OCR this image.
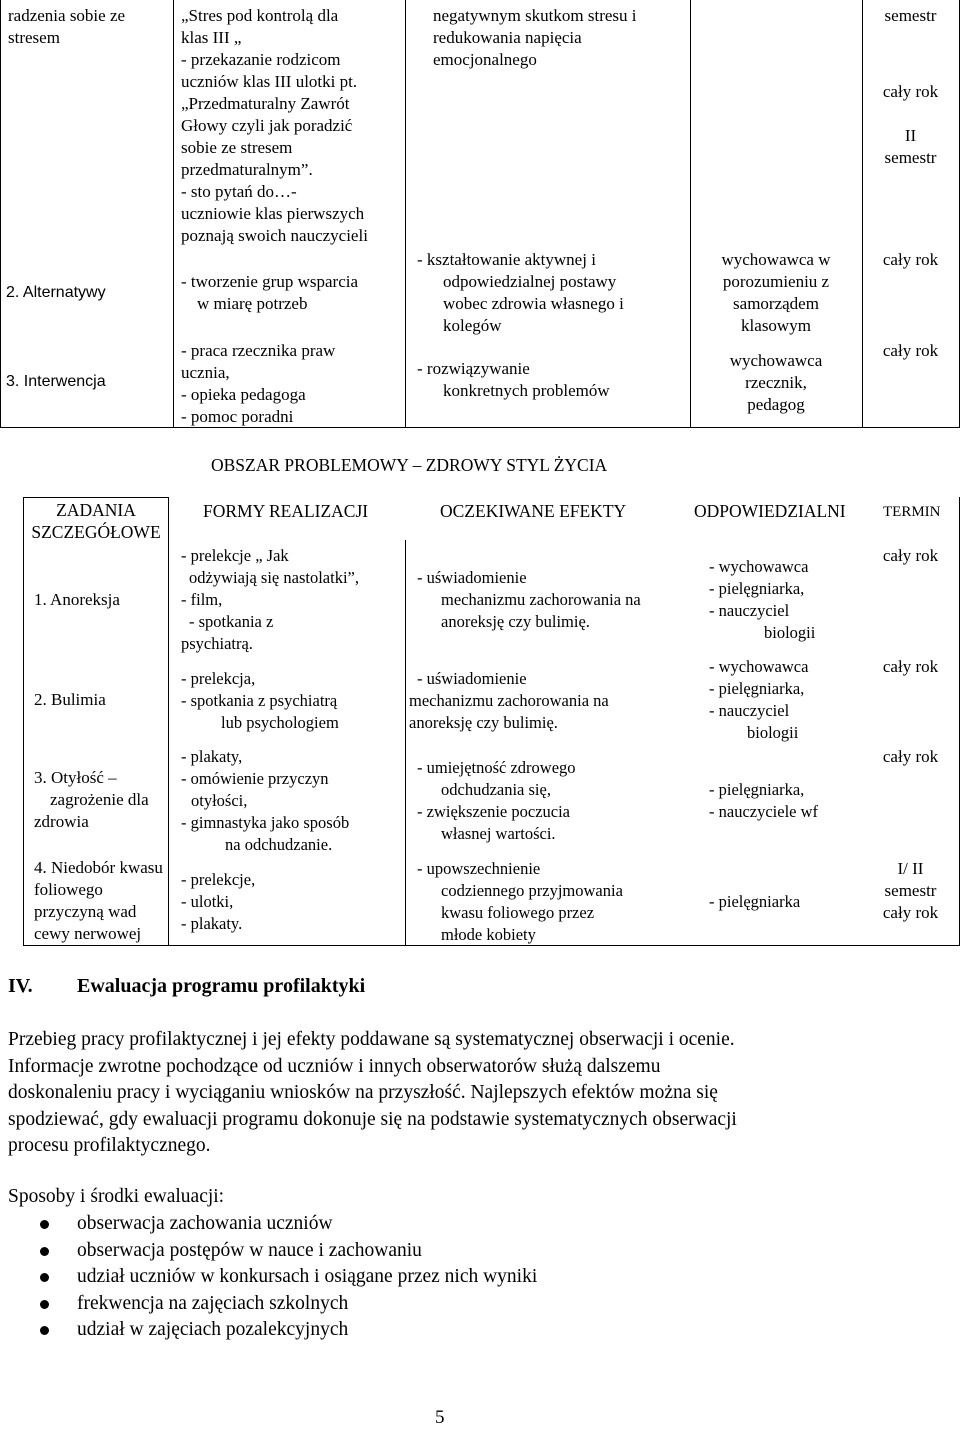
radzenia sobie ze
stresem
2. Alternatywy
3. Interwencja
„Stres pod kontrolą dla
klas III „
- przekazanie rodzicom
uczniów klas III ulotki pt.
„Przedmaturalny Zawrót
Głowy czyli jak poradzić
sobie ze stresem
przedmaturalnym”.
- sto pytań do…-
uczniowie klas pierwszych
poznają swoich nauczycieli
- tworzenie grup wsparcia
w miarę potrzeb
- praca rzecznika praw
ucznia,
- opieka pedagoga
- pomoc poradni
negatywnym skutkom stresu i
redukowania napięcia
emocjonalnego
- kształtowanie aktywnej i
odpowiedzialnej postawy
wobec zdrowia własnego i
kolegów
- rozwiązywanie
konkretnych problemów
wychowawca w
porozumieniu z
samorządem
klasowym
wychowawca
rzecznik,
pedagog
semestr

cały rok

II
semestr
cały rok
cały rok
OBSZAR PROBLEMOWY – ZDROWY STYL ŻYCIA
ZADANIA
SZCZEGÓŁOWE
FORMY REALIZACJI	OCZEKIWANE EFEKTY	ODPOWIEDZIALNI TERMIN
1. Anoreksja
2. Bulimia
3. Otyłość –
zagrożenie dla
zdrowia
4. Niedobór kwasu
foliowego
przyczyną wad
cewy nerwowej
- prelekcje „ Jak
odżywiają się nastolatki”,
- film,
- spotkania z
psychiatrą.
- prelekcja,
- spotkania z psychiatrą
lub psychologiem
- plakaty,
- omówienie przyczyn
otyłości,
- gimnastyka jako sposób
na odchudzanie.
- prelekcje,
- ulotki,
- plakaty.
- uświadomienie
mechanizmu zachorowania na
anoreksję czy bulimię.
- uświadomienie
mechanizmu zachorowania na
anoreksję czy bulimię.
- umiejętność zdrowego
odchudzania się,
- zwiększenie poczucia
własnej wartości.
- upowszechnienie
codziennego przyjmowania
kwasu foliowego przez
młode kobiety
- wychowawca
- pielęgniarka,
- nauczyciel
biologii
- wychowawca
- pielęgniarka,
- nauczyciel
biologii
- pielęgniarka,
- nauczyciele wf
- pielęgniarka
cały rok
cały rok
cały rok
I/ II
semestr
cały rok
IV. Ewaluacja programu profilaktyki
Przebieg pracy profilaktycznej i jej efekty poddawane są systematycznej obserwacji i ocenie.
Informacje zwrotne pochodzące od uczniów i innych obserwatorów służą dalszemu
doskonaleniu pracy i wyciąganiu wniosków na przyszłość. Najlepszych efektów można się
spodziewać, gdy ewaluacji programu dokonuje się na podstawie systematycznych obserwacji
procesu profilaktycznego.
Sposoby i środki ewaluacji:
obserwacja zachowania uczniów
obserwacja postępów w nauce i zachowaniu
udział uczniów w konkursach i osiągane przez nich wyniki
frekwencja na zajęciach szkolnych
udział w zajęciach pozalekcyjnych
5
